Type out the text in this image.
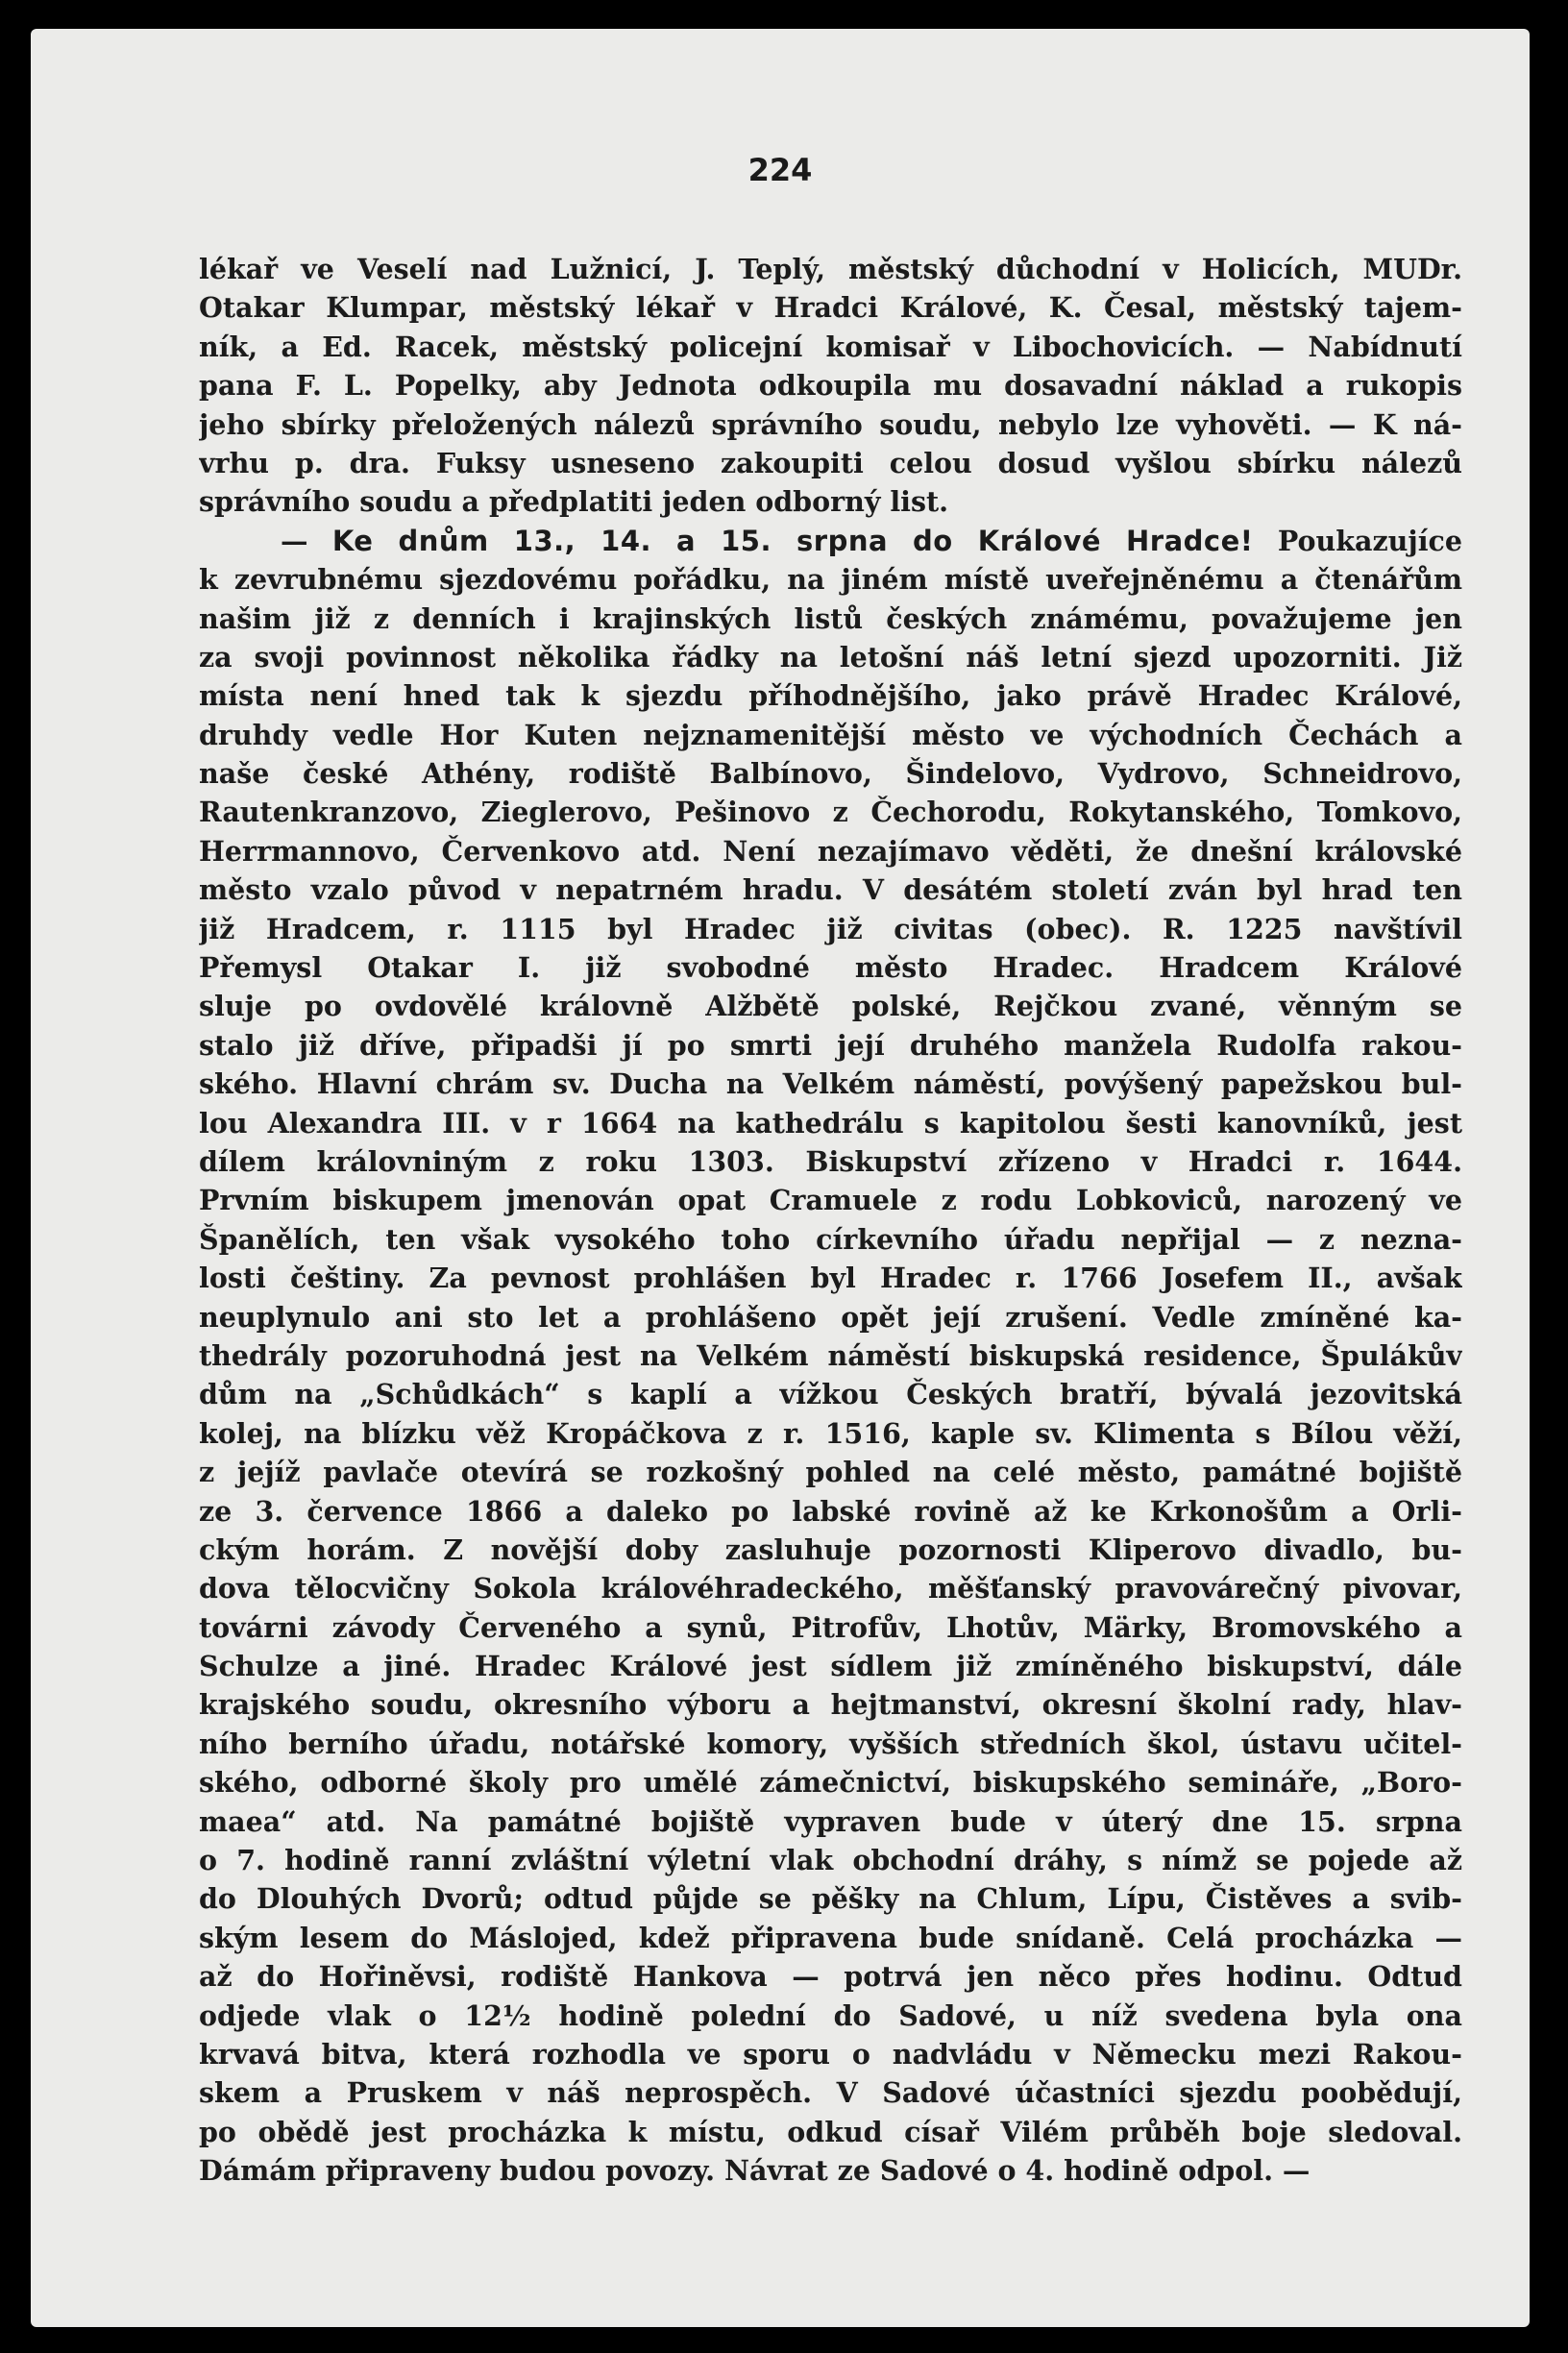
224

lékař ve Veselí nad Lužnicí, J. Teplý, městský důchodní v Holicích, MUDr.
Otakar Klumpar, městský lékař v Hradci Králové, K. Česal, městský tajem-
ník, a Ed. Racek, městský policejní komisař v Libochovicích. — Nabídnutí
pana F. L. Popelky, aby Jednota odkoupila mu dosavadní náklad a rukopis
jeho sbírky přeložených nálezů správního soudu, nebylo lze vyhověti. — K ná-
vrhu p. dra. Fuksy usneseno zakoupiti celou dosud vyšlou sbírku nálezů
správního soudu a předplatiti jeden odborný list.
— Ke dnům 13., 14. a 15. srpna do Králové Hradce! Poukazujíce
k zevrubnému sjezdovému pořádku, na jiném místě uveřejněnému a čtenářům
našim již z denních i krajinských listů českých známému, považujeme jen
za svoji povinnost několika řádky na letošní náš letní sjezd upozorniti. Již
místa není hned tak k sjezdu příhodnějšího, jako právě Hradec Králové,
druhdy vedle Hor Kuten nejznamenitější město ve východních Čechách a
naše české Athény, rodiště Balbínovo, Šindelovo, Vydrovo, Schneidrovo,
Rautenkranzovo, Zieglerovo, Pešinovo z Čechorodu, Rokytanského, Tomkovo,
Herrmannovo, Červenkovo atd. Není nezajímavo věděti, že dnešní královské
město vzalo původ v nepatrném hradu. V desátém století zván byl hrad ten
již Hradcem, r. 1115 byl Hradec již civitas (obec). R. 1225 navštívil
Přemysl Otakar I. již svobodné město Hradec. Hradcem Králové
sluje po ovdovělé královně Alžbětě polské, Rejčkou zvané, věnným se
stalo již dříve, připadši jí po smrti její druhého manžela Rudolfa rakou-
ského. Hlavní chrám sv. Ducha na Velkém náměstí, povýšený papežskou bul-
lou Alexandra III. v r 1664 na kathedrálu s kapitolou šesti kanovníků, jest
dílem královniným z roku 1303. Biskupství zřízeno v Hradci r. 1644.
Prvním biskupem jmenován opat Cramuele z rodu Lobkoviců, narozený ve
Španělích, ten však vysokého toho církevního úřadu nepřijal — z nezna-
losti češtiny. Za pevnost prohlášen byl Hradec r. 1766 Josefem II., avšak
neuplynulo ani sto let a prohlášeno opět její zrušení. Vedle zmíněné ka-
thedrály pozoruhodná jest na Velkém náměstí biskupská residence, Špulákův
dům na „Schůdkách“ s kaplí a vížkou Českých bratří, bývalá jezovitská
kolej, na blízku věž Kropáčkova z r. 1516, kaple sv. Klimenta s Bílou věží,
z jejíž pavlače otevírá se rozkošný pohled na celé město, památné bojiště
ze 3. července 1866 a daleko po labské rovině až ke Krkonošům a Orli-
ckým horám. Z novější doby zasluhuje pozornosti Kliperovo divadlo, bu-
dova tělocvičny Sokola královéhradeckého, měšťanský pravovárečný pivovar,
továrni závody Červeného a synů, Pitrofův, Lhotův, Märky, Bromovského a
Schulze a jiné. Hradec Králové jest sídlem již zmíněného biskupství, dále
krajského soudu, okresního výboru a hejtmanství, okresní školní rady, hlav-
ního berního úřadu, notářské komory, vyšších středních škol, ústavu učitel-
ského, odborné školy pro umělé zámečnictví, biskupského semináře, „Boro-
maea“ atd. Na památné bojiště vypraven bude v úterý dne 15. srpna
o 7. hodině ranní zvláštní výletní vlak obchodní dráhy, s nímž se pojede až
do Dlouhých Dvorů; odtud půjde se pěšky na Chlum, Lípu, Čistěves a svib-
ským lesem do Máslojed, kdež připravena bude snídaně. Celá procházka —
až do Hořiněvsi, rodiště Hankova — potrvá jen něco přes hodinu. Odtud
odjede vlak o 12½ hodině polední do Sadové, u níž svedena byla ona
krvavá bitva, která rozhodla ve sporu o nadvládu v Německu mezi Rakou-
skem a Pruskem v náš neprospěch. V Sadové účastníci sjezdu poobědují,
po obědě jest procházka k místu, odkud císař Vilém průběh boje sledoval.
Dámám připraveny budou povozy. Návrat ze Sadové o 4. hodině odpol. —
